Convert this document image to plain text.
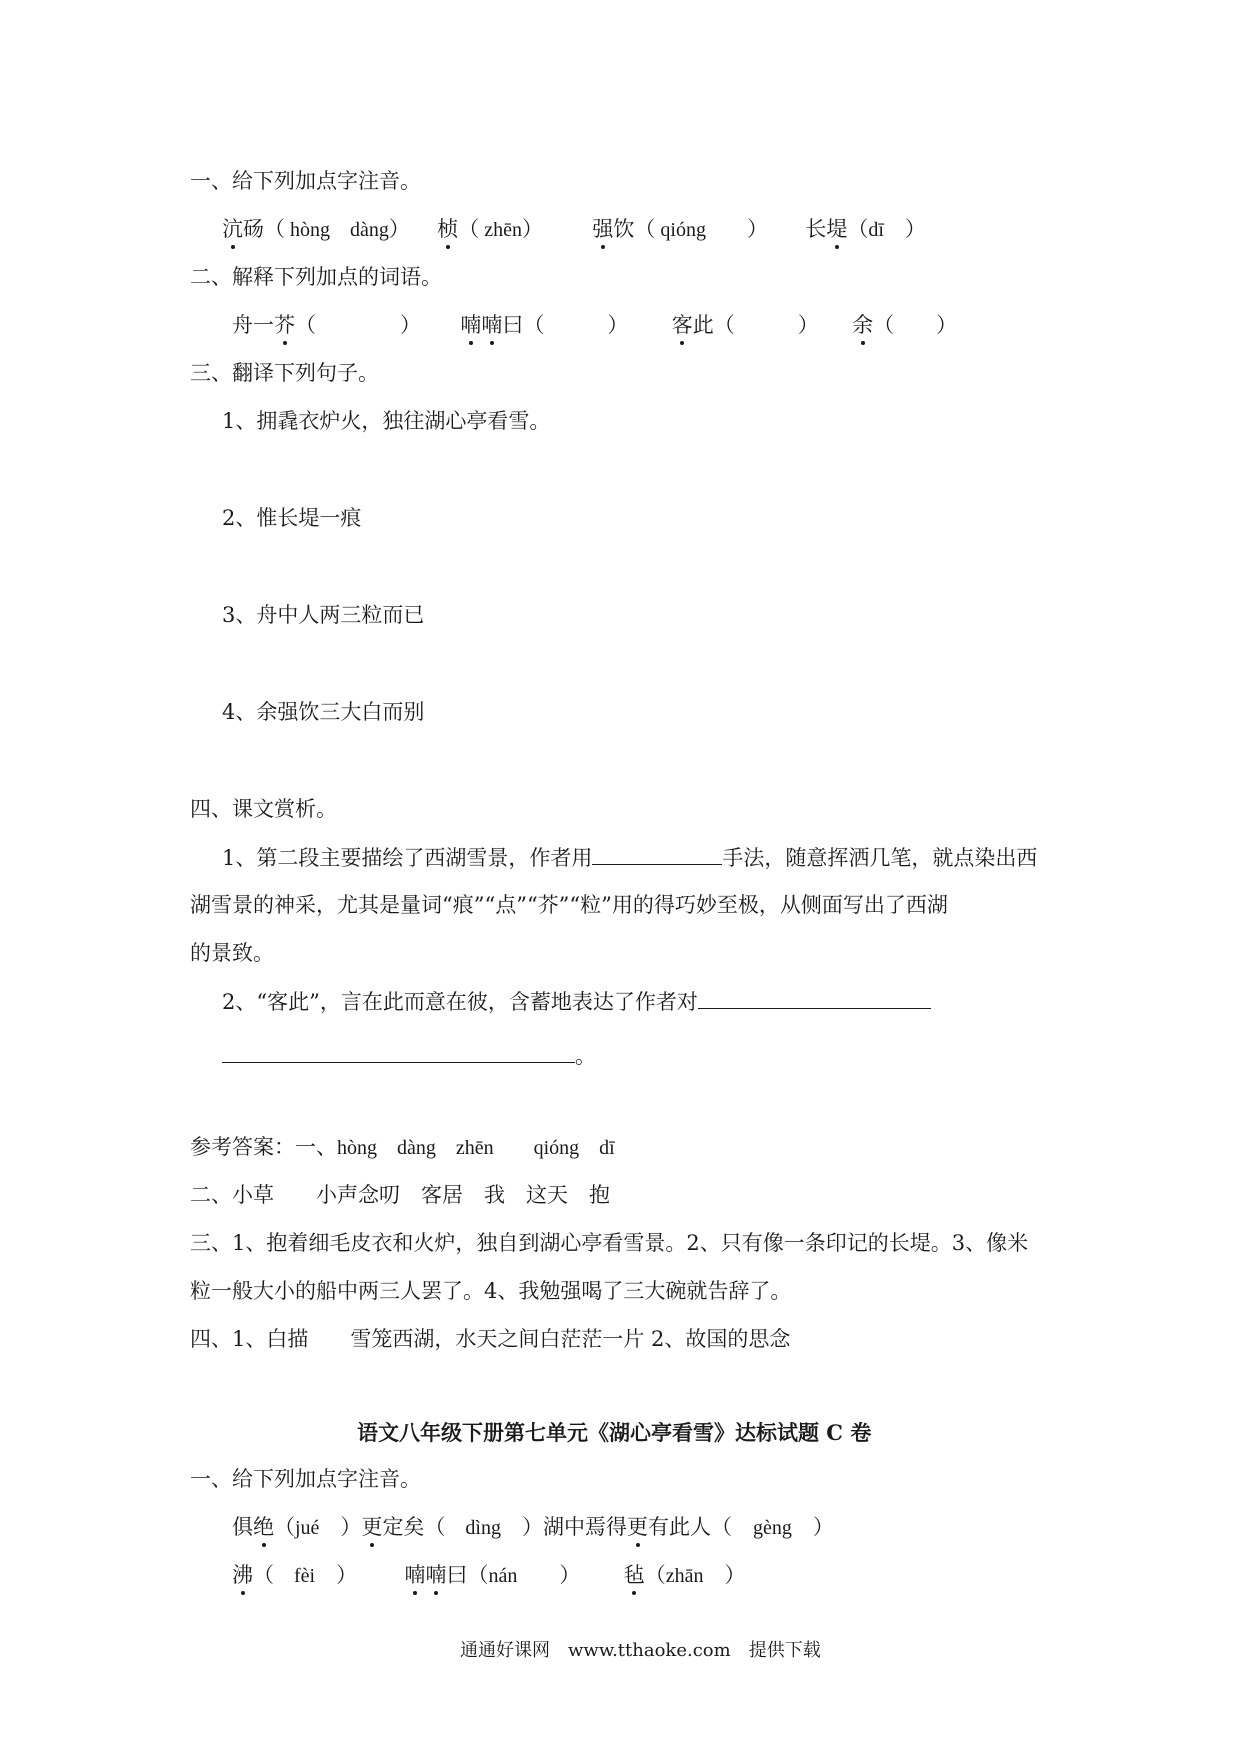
一、给下列加点字注音。
沆砀（ hòng　dàng） 桢（ zhēn） 强饮（ qióng　　） 长堤（dī　）
二、解释下列加点的词语。
舟一芥（　　　　） 喃喃曰（　　　） 客此（　　　） 余（　　）
三、翻译下列句子。
1、拥毳衣炉火，独往湖心亭看雪。
2、惟长堤一痕
3、舟中人两三粒而已
4、余强饮三大白而别
四、课文赏析。
1、第二段主要描绘了西湖雪景，作者用	手法，随意挥洒几笔，就点染出西
湖雪景的神采，尤其是量词“痕”“点”“芥”“粒”用的得巧妙至极，从侧面写出了西湖
的景致。
2、“客此”，言在此而意在彼，含蓄地表达了作者对
。
参考答案：一、hòng　dàng　zhēn　　qióng　dī
二、小草　　小声念叨　客居　我　这天　抱
三、1、抱着细毛皮衣和火炉，独自到湖心亭看雪景。2、只有像一条印记的长堤。3、像米
粒一般大小的船中两三人罢了。4、我勉强喝了三大碗就告辞了。
四、1、白描　　雪笼西湖，水天之间白茫茫一片 2、故国的思念
语文八年级下册第七单元《湖心亭看雪》达标试题 C 卷
一、给下列加点字注音。
俱绝（jué　）更定矣（　dìng　）湖中焉得更有此人（　gèng　）
沸（　fèi　） 喃喃曰（nán　　） 毡（zhān　）
通通好课网　www.tthaoke.com　提供下载
